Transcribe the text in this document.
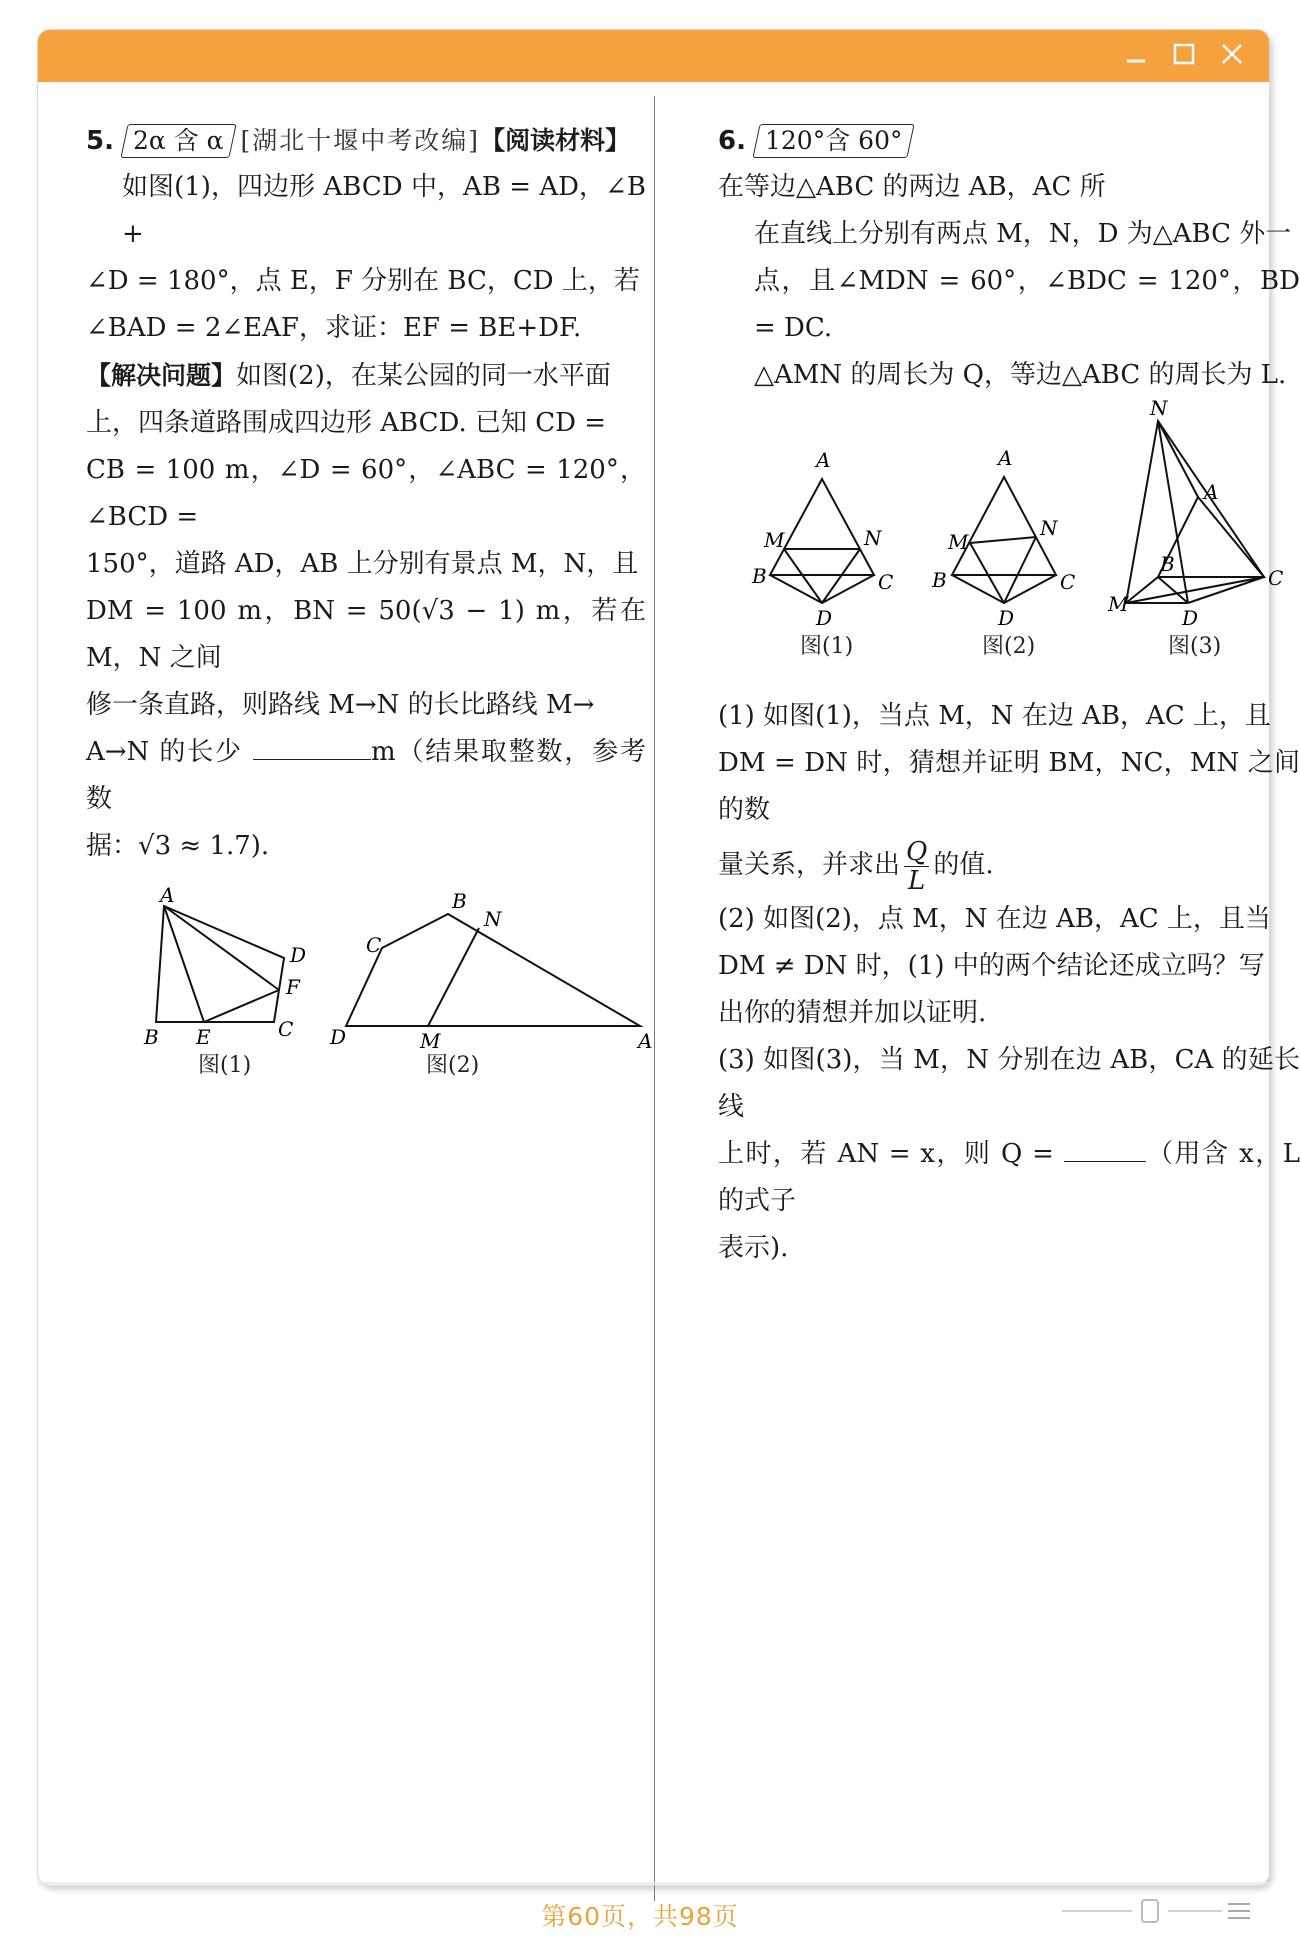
5. 2α 含 α [湖北十堰中考改编] 【阅读材料】

如图(1)，四边形 ABCD 中，AB = AD，∠B +

∠D = 180°，点 E，F 分别在 BC，CD 上，若

∠BAD = 2∠EAF，求证：EF = BE+DF.

【解决问题】如图(2)，在某公园的同一水平面

上，四条道路围成四边形 ABCD. 已知 CD =

CB = 100 m，∠D = 60°，∠ABC = 120°，∠BCD =

150°，道路 AD，AB 上分别有景点 M，N，且

DM = 100 m，BN = 50(√3 − 1) m，若在 M，N 之间

修一条直路，则路线 M→N 的长比路线 M→

A→N 的长少	m（结果取整数，参考数

据：√3 ≈ 1.7).

A
D
F
B E	C
图(1)
B
N
C
D	M	A
图(2)
6. 120°含 60°
在等边△ABC 的两边 AB，AC 所

在直线上分别有两点 M，N，D 为△ABC 外一

点，且∠MDN = 60°，∠BDC = 120°，BD = DC.

△AMN 的周长为 Q，等边△ABC 的周长为 L.

A
M	N
B	C
D
图(1)
A
M
N
B	C
D
图(2)
N
A
B
C
M
D
图(3)

(1) 如图(1)，当点 M，N 在边 AB，AC 上，且

DM = DN 时，猜想并证明 BM，NC，MN 之间的数

量关系，并求出 $\frac{Q}{L}$ 的值.

(2) 如图(2)，点 M，N 在边 AB，AC 上，且当

DM ≠ DN 时，(1) 中的两个结论还成立吗？写

出你的猜想并加以证明.

(3) 如图(3)，当 M，N 分别在边 AB，CA 的延长线

上时，若 AN = x，则 Q =	（用含 x，L 的式子

表示).

第60页，共98页
